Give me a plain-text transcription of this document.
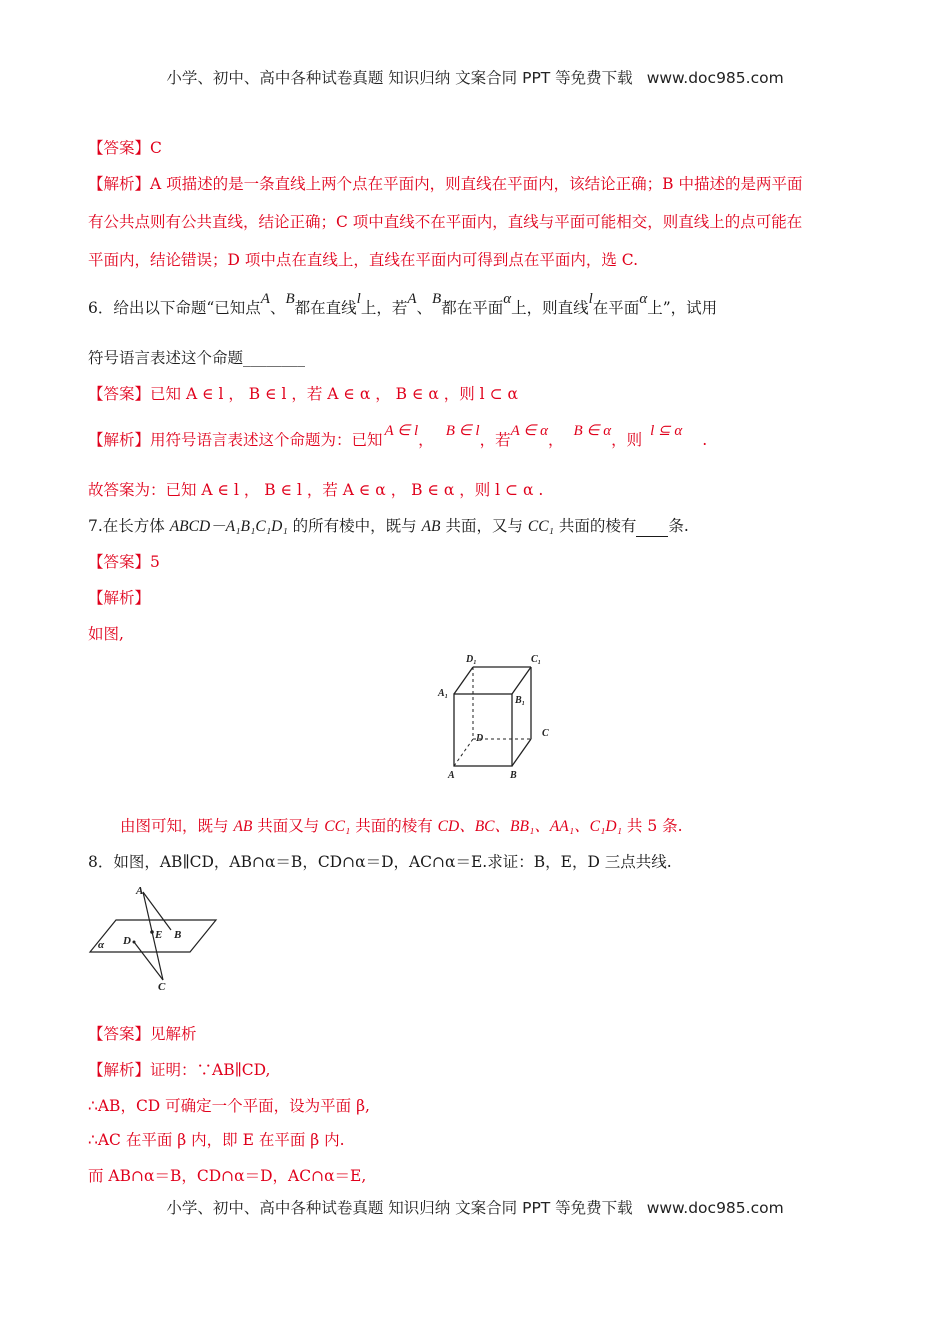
小学、初中、高中各种试卷真题 知识归纳 文案合同 PPT 等免费下载 www.doc985.com
【答案】C
【解析】A 项描述的是一条直线上两个点在平面内，则直线在平面内，该结论正确；B 中描述的是两平面
有公共点则有公共直线，结论正确；C 项中直线不在平面内，直线与平面可能相交，则直线上的点可能在
平面内，结论错误；D 项中点在直线上，直线在平面内可得到点在平面内，选 C.
6．给出以下命题“已知点A、B都在直线l上，若A、B都在平面α上，则直线l在平面α上”，试用
符号语言表述这个命题________
【答案】已知 A ∈ l ， B ∈ l ，若 A ∈ α ， B ∈ α ，则 l ⊂ α
【解析】用符号语言表述这个命题为：已知 A ∈ l， B ∈ l，若A ∈ α， B ∈ α，则 l ⊆ α .
故答案为：已知 A ∈ l ， B ∈ l ，若 A ∈ α ， B ∈ α ，则 l ⊂ α .
7.在长方体 ABCD－A₁B₁C₁D₁ 的所有棱中，既与 AB 共面，又与 CC₁ 共面的棱有 条.
【答案】5
【解析】
如图,
D₁	C₁
A₁
B₁
C
D
A	B
由图可知，既与 AB 共面又与 CC₁ 共面的棱有 CD、BC、BB₁、AA₁、C₁D₁ 共 5 条.
8．如图，AB∥CD，AB∩α＝B，CD∩α＝D，AC∩α＝E.求证：B，E，D 三点共线.
A
B
C
D E
α
【答案】见解析
【解析】证明：∵AB∥CD,
∴AB，CD 可确定一个平面，设为平面 β,
∴AC 在平面 β 内，即 E 在平面 β 内.
而 AB∩α＝B，CD∩α＝D，AC∩α＝E,
小学、初中、高中各种试卷真题 知识归纳 文案合同 PPT 等免费下载 www.doc985.com
